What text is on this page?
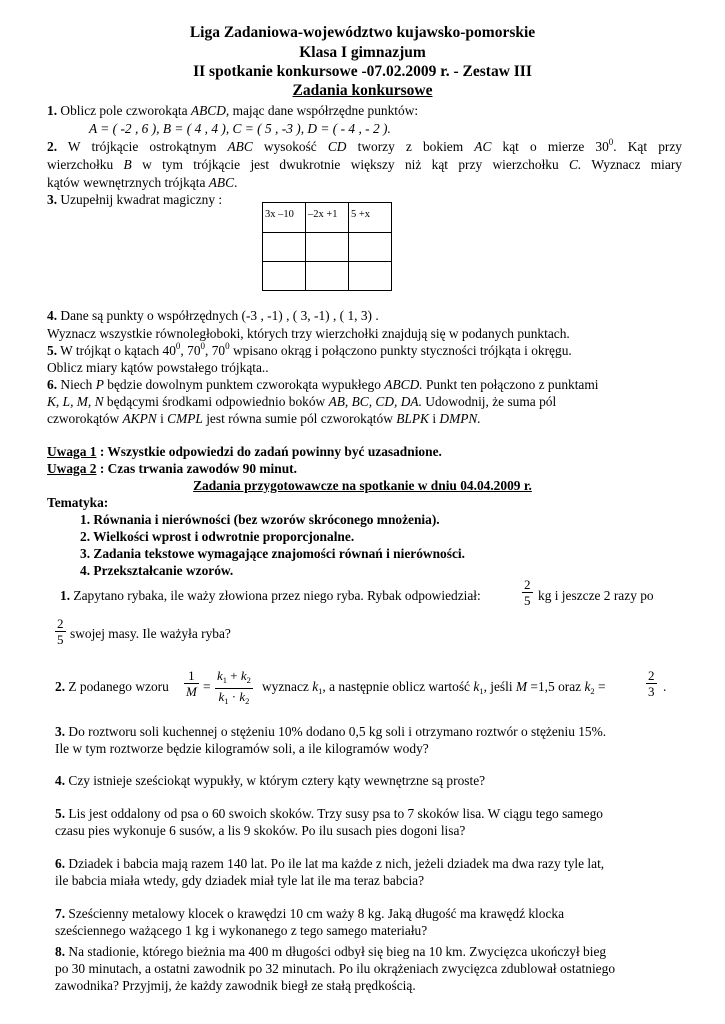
Liga Zadaniowa-województwo kujawsko-pomorskie
Klasa I gimnazjum
II spotkanie konkursowe -07.02.2009 r. - Zestaw III
Zadania konkursowe
1. Oblicz pole czworokąta ABCD, mając dane współrzędne punktów:
A = ( -2 , 6 ), B = ( 4 , 4 ), C = ( 5 , -3 ), D = ( - 4 , - 2 ).
2. W trójkącie ostrokątnym ABC wysokość CD tworzy z bokiem AC kąt o mierze $30^0$. Kąt przy
wierzchołku B w tym trójkącie jest dwukrotnie większy niż kąt przy wierzchołku C. Wyznacz miary
kątów wewnętrznych trójkąta ABC.
3. Uzupełnij kwadrat magiczny :
3x –10	–2x +1	5 +x

4. Dane są punkty o współrzędnych (-3 , -1) , ( 3, -1) , ( 1, 3) .
Wyznacz wszystkie równoległoboki, których trzy wierzchołki znajdują się w podanych punktach.
5. W trójkąt o kątach $40^0$, $70^0$, $70^0$ wpisano okrąg i połączono punkty styczności trójkąta i okręgu.
Oblicz miary kątów powstałego trójkąta..
6. Niech P będzie dowolnym punktem czworokąta wypukłego ABCD. Punkt ten połączono z punktami
K, L, M, N będącymi środkami odpowiednio boków AB, BC, CD, DA. Udowodnij, że suma pól
czworokątów AKPN i CMPL jest równa sumie pól czworokątów BLPK i DMPN.
Uwaga 1 : Wszystkie odpowiedzi do zadań powinny być uzasadnione.
Uwaga 2 : Czas trwania zawodów 90 minut.
Zadania przygotowawcze na spotkanie w dniu 04.04.2009 r.
Tematyka:
1. Równania i nierówności (bez wzorów skróconego mnożenia).
2. Wielkości wprost i odwrotnie proporcjonalne.
3. Zadania tekstowe wymagające znajomości równań i nierówności.
4. Przekształcanie wzorów.
1. Zapytano rybaka, ile waży złowiona przez niego ryba. Rybak odpowiedział:	$\frac{2}{5}$ kg i jeszcze 2 razy po
$\frac{2}{5}$ swojej masy. Ile ważyła ryba?
2. Z podanego wzoru	$\frac{1}{M} = \frac{k_1 + k_2}{k_1 \cdot k_2}$ wyznacz $k_1$, a następnie oblicz wartość $k_1$, jeśli M =1,5 oraz $k_2$ =	$\frac{2}{3}$ .
3. Do roztworu soli kuchennej o stężeniu 10% dodano 0,5 kg soli i otrzymano roztwór o stężeniu 15%.
Ile w tym roztworze będzie kilogramów soli, a ile kilogramów wody?
4. Czy istnieje sześciokąt wypukły, w którym cztery kąty wewnętrzne są proste?
5. Lis jest oddalony od psa o 60 swoich skoków. Trzy susy psa to 7 skoków lisa. W ciągu tego samego
czasu pies wykonuje 6 susów, a lis 9 skoków. Po ilu susach pies dogoni lisa?
6. Dziadek i babcia mają razem 140 lat. Po ile lat ma każde z nich, jeżeli dziadek ma dwa razy tyle lat,
ile babcia miała wtedy, gdy dziadek miał tyle lat ile ma teraz babcia?
7. Sześcienny metalowy klocek o krawędzi 10 cm waży 8 kg. Jaką długość ma krawędź klocka
sześciennego ważącego 1 kg i wykonanego z tego samego materiału?
8. Na stadionie, którego bieżnia ma 400 m długości odbył się bieg na 10 km. Zwycięzca ukończył bieg
po 30 minutach, a ostatni zawodnik po 32 minutach. Po ilu okrążeniach zwycięzca zdublował ostatniego
zawodnika? Przyjmij, że każdy zawodnik biegł ze stałą prędkością.
